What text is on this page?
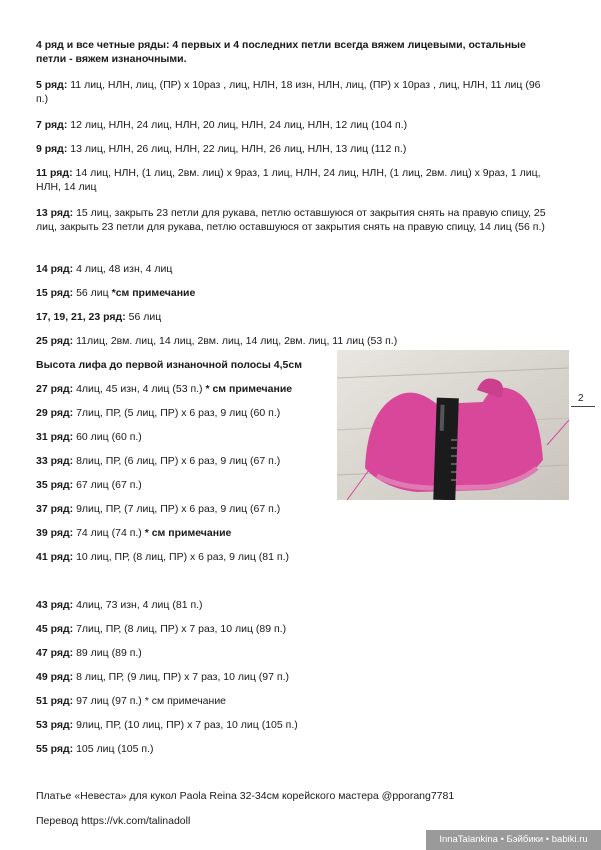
4 ряд и все четные ряды: 4 первых и 4 последних петли всегда вяжем лицевыми, остальные петли - вяжем изнаночными.
5 ряд: 11 лиц, НЛН, лиц, (ПР) х 10раз , лиц, НЛН, 18 изн, НЛН, лиц, (ПР) х 10раз , лиц, НЛН, 11 лиц (96 п.)
7 ряд: 12 лиц, НЛН, 24 лиц, НЛН, 20 лиц, НЛН, 24 лиц, НЛН, 12 лиц (104 п.)
9 ряд: 13 лиц, НЛН, 26 лиц, НЛН, 22 лиц, НЛН, 26 лиц, НЛН, 13 лиц (112 п.)
11 ряд: 14 лиц, НЛН, (1 лиц, 2вм. лиц) х 9раз, 1 лиц, НЛН, 24 лиц, НЛН, (1 лиц, 2вм. лиц) х 9раз, 1 лиц, НЛН, 14 лиц
13 ряд: 15 лиц, закрыть 23 петли для рукава, петлю оставшуюся от закрытия снять на правую спицу, 25 лиц, закрыть 23 петли для рукава, петлю оставшуюся от закрытия снять на правую спицу, 14 лиц (56 п.)
14 ряд: 4 лиц, 48 изн, 4 лиц
15 ряд: 56 лиц *см примечание
17, 19, 21, 23 ряд: 56 лиц
25 ряд: 11лиц, 2вм. лиц, 14 лиц, 2вм. лиц, 14 лиц, 2вм. лиц, 11 лиц (53 п.)
Высота лифа до первой изнаночной полосы 4,5см
27 ряд: 4лиц, 45 изн, 4 лиц (53 п.) * см примечание
29 ряд: 7лиц, ПР, (5 лиц, ПР) х 6 раз, 9 лиц (60 п.)
31 ряд: 60 лиц (60 п.)
33 ряд: 8лиц, ПР, (6 лиц, ПР) х 6 раз, 9 лиц (67 п.)
35 ряд: 67 лиц (67 п.)
37 ряд: 9лиц, ПР, (7 лиц, ПР) х 6 раз, 9 лиц (67 п.)
39 ряд: 74 лиц (74 п.) * см примечание
41 ряд: 10 лиц, ПР, (8 лиц, ПР) х 6 раз, 9 лиц (81 п.)
43 ряд: 4лиц, 73 изн, 4 лиц (81 п.)
45 ряд: 7лиц, ПР, (8 лиц, ПР) х 7 раз, 10 лиц (89 п.)
47 ряд: 89 лиц (89 п.)
49 ряд: 8 лиц, ПР, (9 лиц, ПР) х 7 раз, 10 лиц (97 п.)
51 ряд: 97 лиц (97 п.) * см примечание
53 ряд: 9лиц, ПР, (10 лиц, ПР) х 7 раз, 10 лиц (105 п.)
55 ряд: 105 лиц (105 п.)
2
Платье «Невеста» для кукол Paola Reina 32-34см корейского мастера @pporang7781
Перевод https://vk.com/talinadoll
InnaTalankina • Бэйбики • babiki.ru
